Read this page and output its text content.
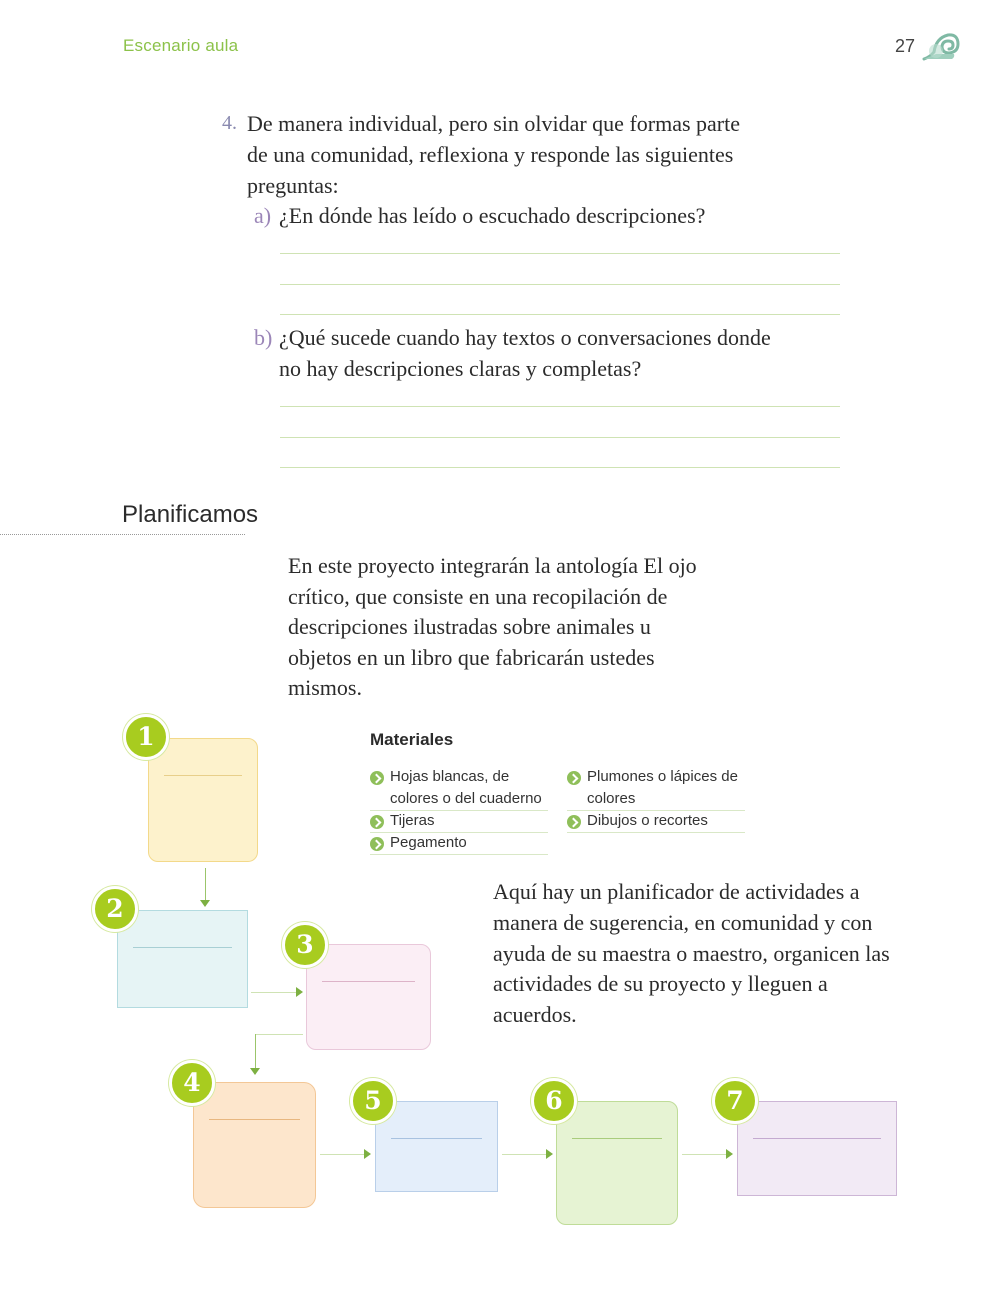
Escenario aula	27
4. De manera individual, pero sin olvidar que formas parte de una comunidad, reflexiona y responde las siguientes preguntas:
a) ¿En dónde has leído o escuchado descripciones?
b) ¿Qué sucede cuando hay textos o conversaciones donde no hay descripciones claras y completas?
Planificamos
En este proyecto integrarán la antología El ojo crítico, que consiste en una recopilación de descripciones ilustradas sobre animales u objetos en un libro que fabricarán ustedes mismos.
Materiales
Hojas blancas, de colores o del cuaderno
Tijeras
Pegamento
Plumones o lápices de colores
Dibujos o recortes
Aquí hay un planificador de actividades a manera de sugerencia, en comunidad y con ayuda de su maestra o maestro, organicen las actividades de su proyecto y lleguen a acuerdos.
1
2
3
4
5	6	7
